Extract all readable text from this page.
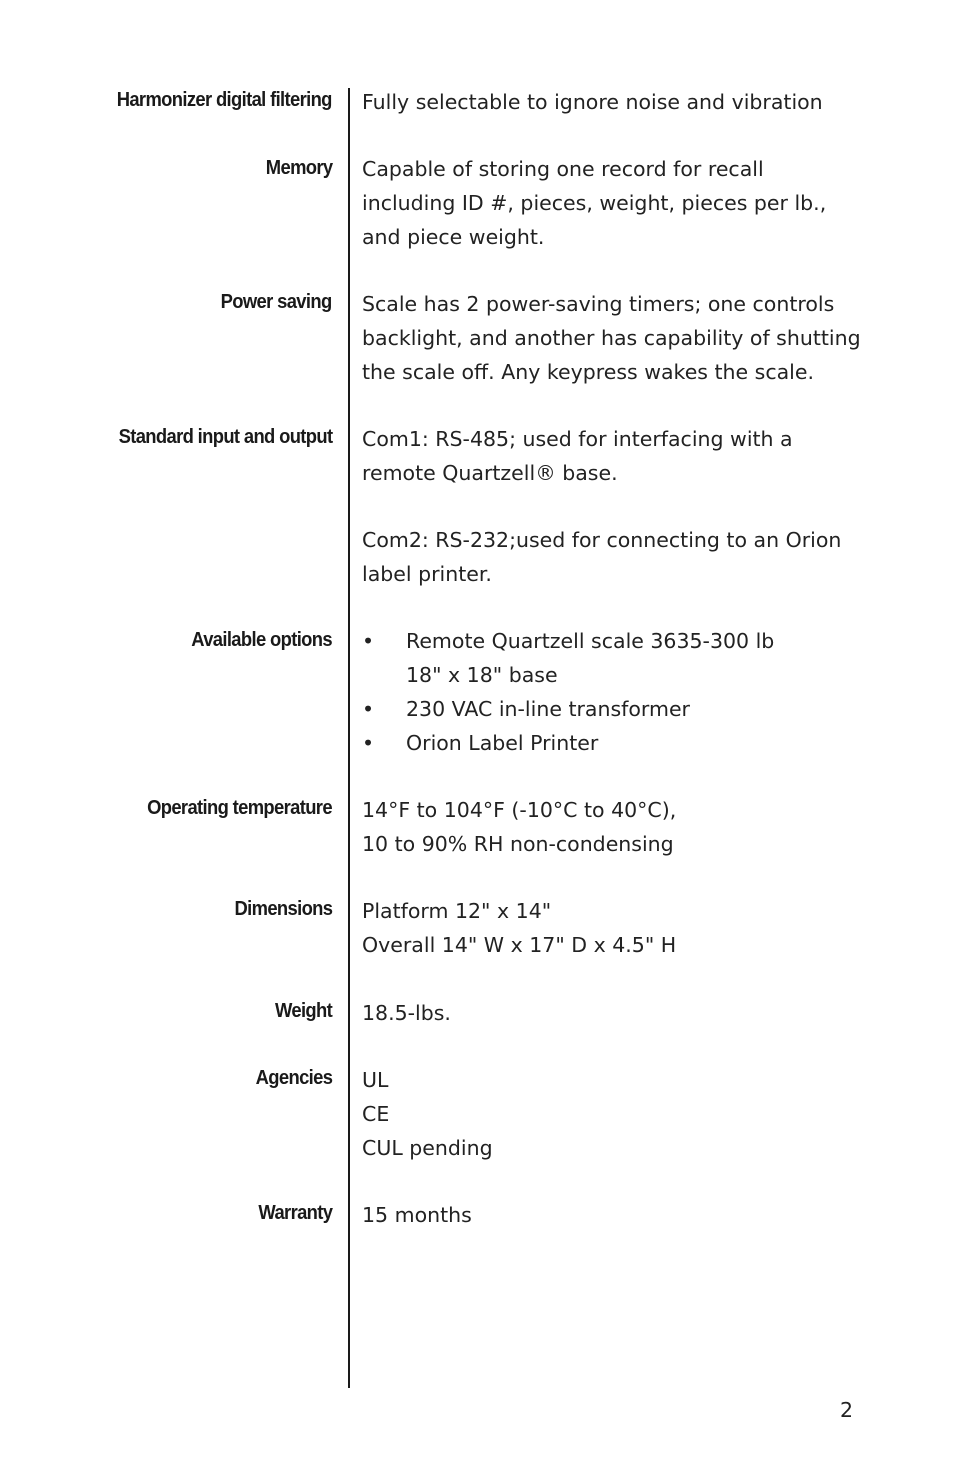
Harmonizer digital filtering Fully selectable to ignore noise and vibration
Memory Capable of storing one record for recall
including ID #, pieces, weight, pieces per lb.,
and piece weight.
Power saving Scale has 2 power-saving timers; one controls
backlight, and another has capability of shutting
the scale off. Any keypress wakes the scale.
Standard input and output Com1: RS-485; used for interfacing with a
remote Quartzell® base.
Com2: RS-232;used for connecting to an Orion
label printer.
Available options • Remote Quartzell scale 3635-300 lb
18" x 18" base
• 230 VAC in-line transformer
• Orion Label Printer
Operating temperature 14°F to 104°F (-10°C to 40°C),
10 to 90% RH non-condensing
Dimensions Platform 12" x 14"
Overall 14" W x 17" D x 4.5" H
Weight 18.5-lbs.
Agencies UL
CE
CUL pending
Warranty 15 months
2
